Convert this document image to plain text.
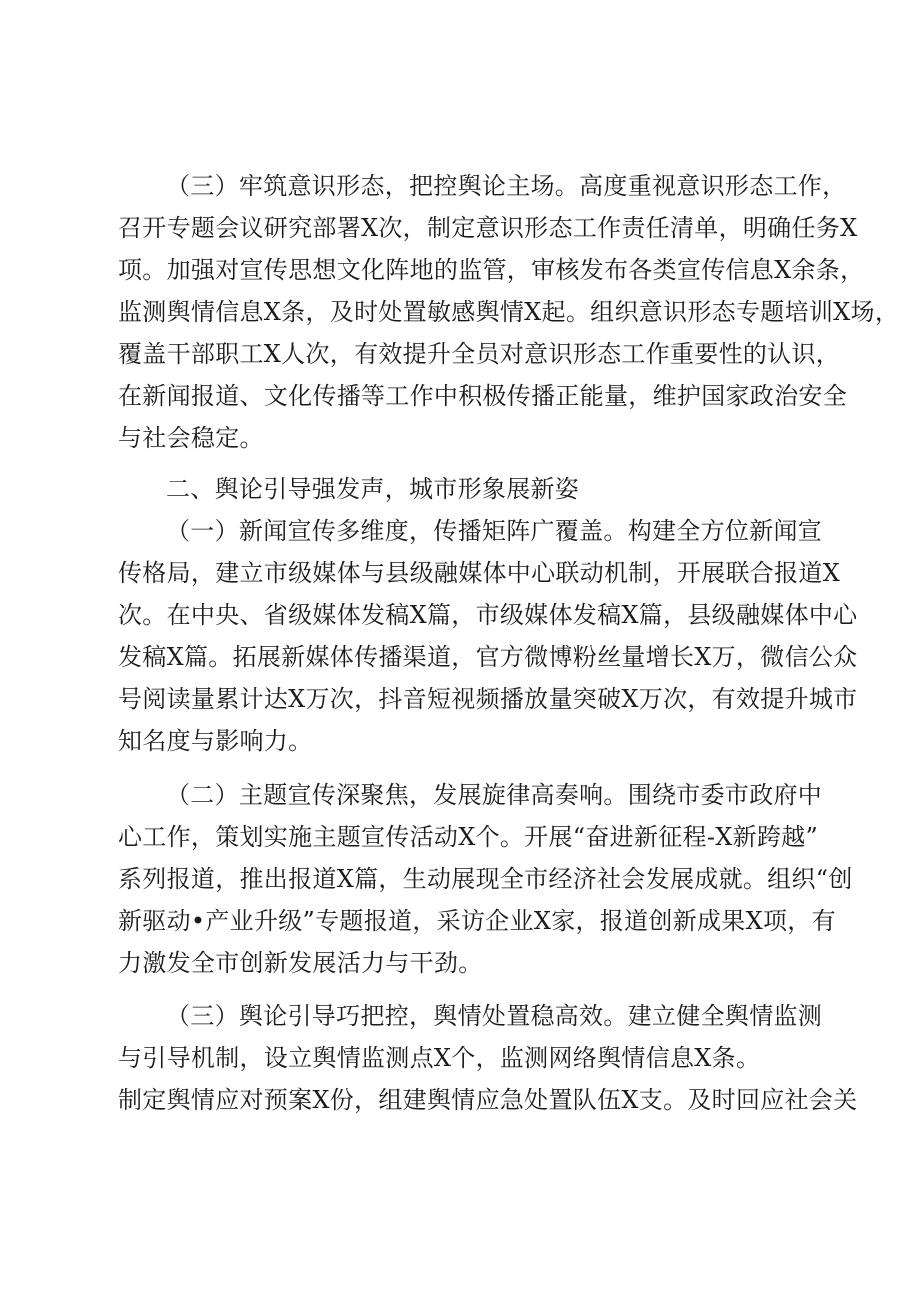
（三）牢筑意识形态，把控舆论主场。高度重视意识形态工作，
召开专题会议研究部署X次，制定意识形态工作责任清单，明确任务X
项。加强对宣传思想文化阵地的监管，审核发布各类宣传信息X余条，
监测舆情信息X条，及时处置敏感舆情X起。组织意识形态专题培训X场，
覆盖干部职工X人次，有效提升全员对意识形态工作重要性的认识，
在新闻报道、文化传播等工作中积极传播正能量，维护国家政治安全
与社会稳定。
二、舆论引导强发声，城市形象展新姿
（一）新闻宣传多维度，传播矩阵广覆盖。构建全方位新闻宣
传格局，建立市级媒体与县级融媒体中心联动机制，开展联合报道X
次。在中央、省级媒体发稿X篇，市级媒体发稿X篇，县级融媒体中心
发稿X篇。拓展新媒体传播渠道，官方微博粉丝量增长X万，微信公众
号阅读量累计达X万次，抖音短视频播放量突破X万次，有效提升城市
知名度与影响力。
（二）主题宣传深聚焦，发展旋律高奏响。围绕市委市政府中
心工作，策划实施主题宣传活动X个。开展“奋进新征程-X新跨越”
系列报道，推出报道X篇，生动展现全市经济社会发展成就。组织“创
新驱动•产业升级”专题报道，采访企业X家，报道创新成果X项，有
力激发全市创新发展活力与干劲。
（三）舆论引导巧把控，舆情处置稳高效。建立健全舆情监测
与引导机制，设立舆情监测点X个，监测网络舆情信息X条。
制定舆情应对预案X份，组建舆情应急处置队伍X支。及时回应社会关
